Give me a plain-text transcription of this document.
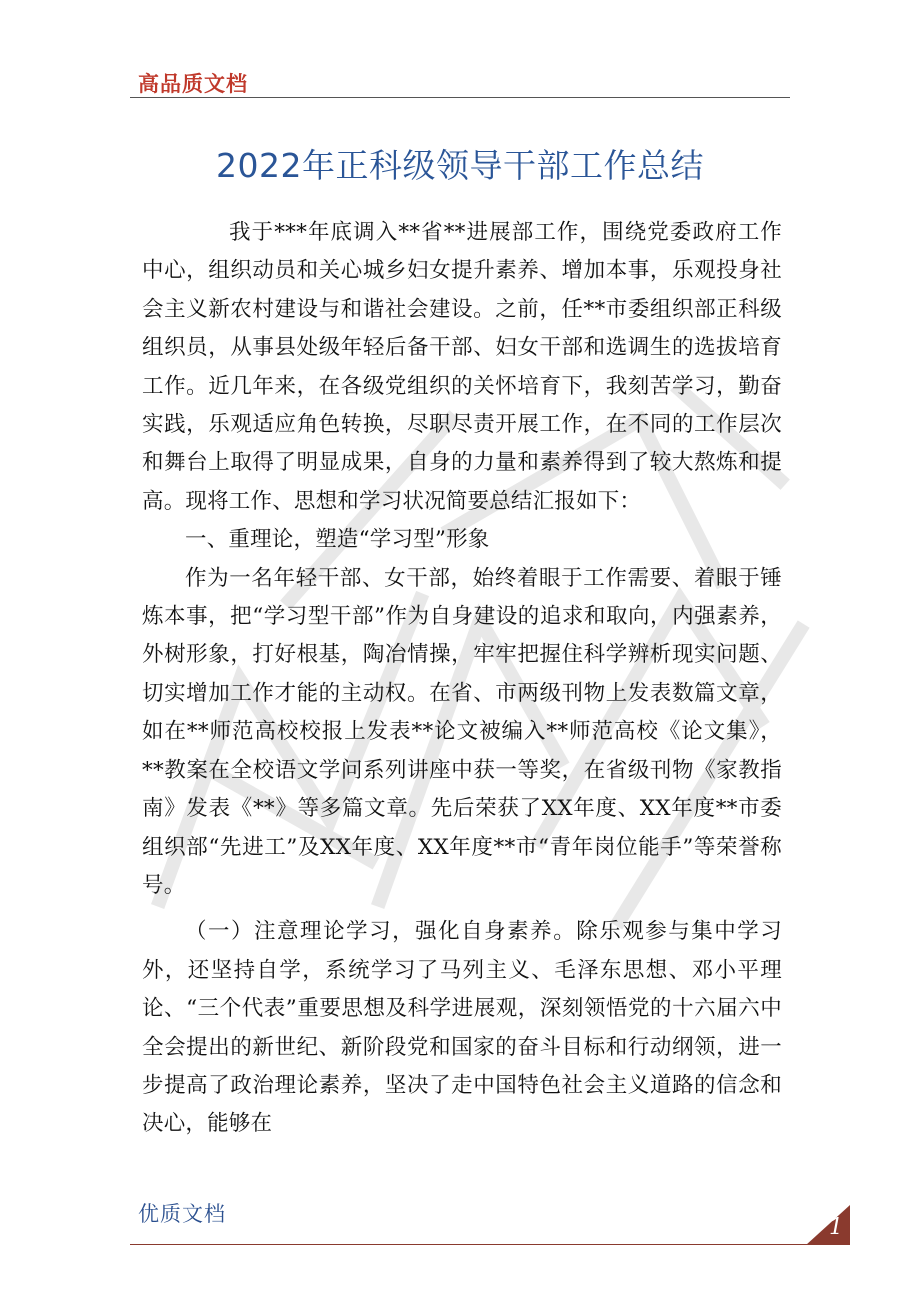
高品质文档
2022年正科级领导干部工作总结

我于***年底调入**省**进展部工作，围绕党委政府工作中心，组织动员和关心城乡妇女提升素养、增加本事，乐观投身社会主义新农村建设与和谐社会建设。之前，任**市委组织部正科级组织员，从事县处级年轻后备干部、妇女干部和选调生的选拔培育工作。近几年来，在各级党组织的关怀培育下，我刻苦学习，勤奋实践，乐观适应角色转换，尽职尽责开展工作，在不同的工作层次和舞台上取得了明显成果，自身的力量和素养得到了较大熬炼和提高。现将工作、思想和学习状况简要总结汇报如下：

一、重理论，塑造“学习型”形象

作为一名年轻干部、女干部，始终着眼于工作需要、着眼于锤炼本事，把“学习型干部”作为自身建设的追求和取向，内强素养，外树形象，打好根基，陶冶情操，牢牢把握住科学辨析现实问题、切实增加工作才能的主动权。在省、市两级刊物上发表数篇文章，如在**师范高校校报上发表**论文被编入**师范高校《论文集》，**教案在全校语文学问系列讲座中获一等奖，在省级刊物《家教指南》发表《**》等多篇文章。先后荣获了XX年度、XX年度**市委组织部“先进工”及XX年度、XX年度**市“青年岗位能手”等荣誉称号。

（一）注意理论学习，强化自身素养。除乐观参与集中学习外，还坚持自学，系统学习了马列主义、毛泽东思想、邓小平理论、“三个代表”重要思想及科学进展观，深刻领悟党的十六届六中全会提出的新世纪、新阶段党和国家的奋斗目标和行动纲领，进一步提高了政治理论素养，坚决了走中国特色社会主义道路的信念和决心，能够在

优质文档
1
